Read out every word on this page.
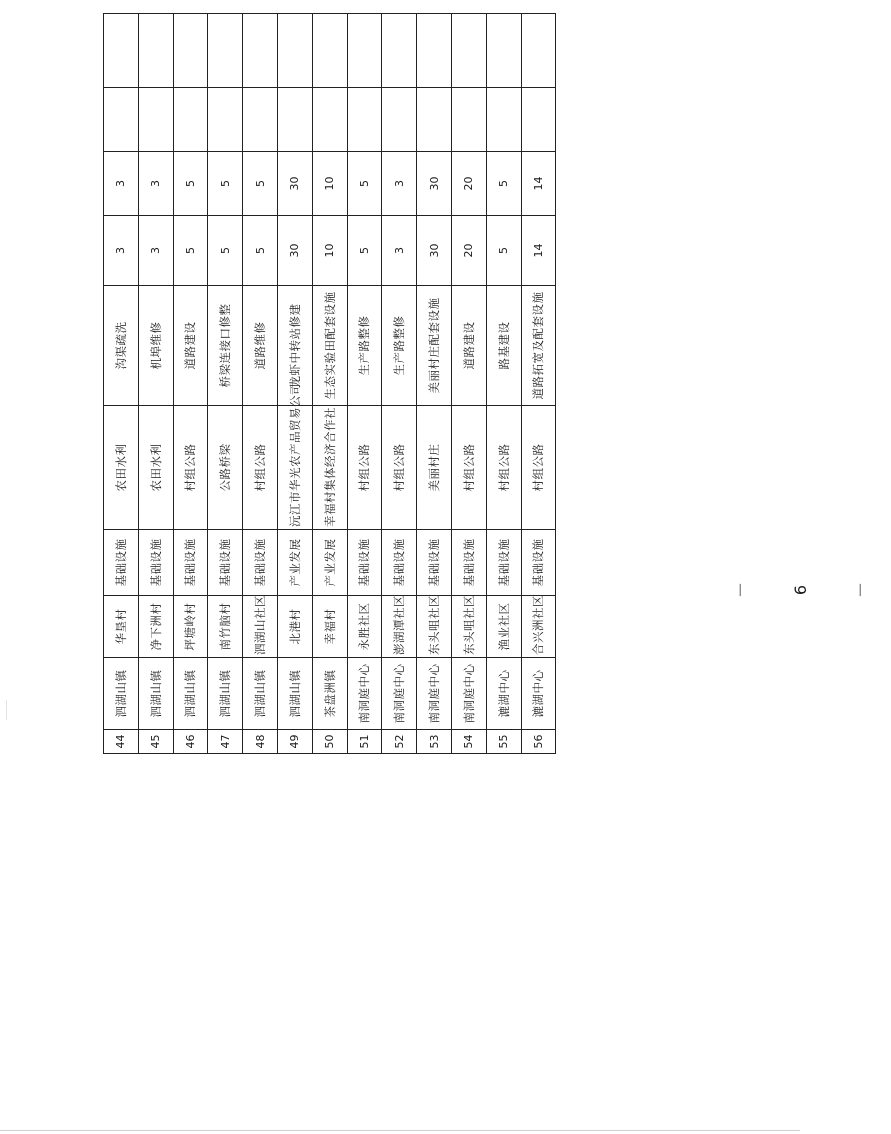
44	泗湖山镇	华垦村	基础设施	农田水利	沟渠疏洗	3	3		
45	泗湖山镇	净下洲村	基础设施	农田水利	机埠维修	3	3		
46	泗湖山镇	坪塘岭村	基础设施	村组公路	道路建设	5	5		
47	泗湖山镇	南竹脑村	基础设施	公路桥梁	桥梁连接口修整	5	5		
48	泗湖山镇	泗湖山社区	基础设施	村组公路	道路维修	5	5		
49	泗湖山镇	北港村	产业发展	沅江市华光农产品贸易公司	龙虾中转站修建	30	30		
50	茶盘洲镇	幸福村	产业发展	幸福村集体经济合作社	生态实验田配套设施	10	10		
51	南洞庭中心	永胜社区	基础设施	村组公路	生产路整修	5	5		
52	南洞庭中心	澎湖潭社区	基础设施	村组公路	生产路整修	3	3		
53	南洞庭中心	东头咀社区	基础设施	美丽村庄	美丽村庄配套设施	30	30		
54	南洞庭中心	东头咀社区	基础设施	村组公路	道路建设	20	20		
55	漉湖中心	渔业社区	基础设施	村组公路	路基建设	5	5		
56	漉湖中心	合兴洲社区	基础设施	村组公路	道路拓宽及配套设施	14	14		
－ 6 －
